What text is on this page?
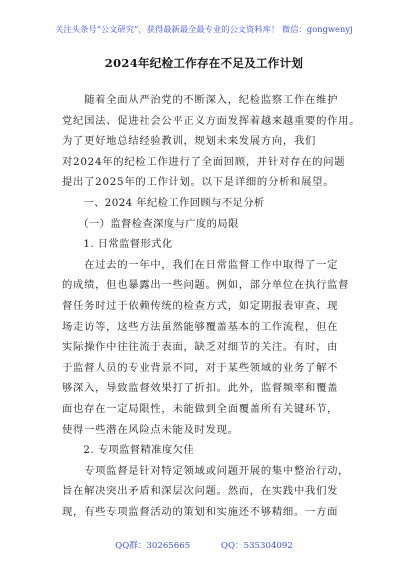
关注头条号“公文研究”，获得最新最全最专业的公文资料库！ 微信：gongwenyj
2024年纪检工作存在不足及工作计划
　　随着全面从严治党的不断深入，纪检监察工作在维护
党纪国法、促进社会公平正义方面发挥着越来越重要的作用。
为了更好地总结经验教训，规划未来发展方向，我们
对2024年的纪检工作进行了全面回顾，并针对存在的问题
提出了2025年的工作计划。以下是详细的分析和展望。
　　一、2024 年纪检工作回顾与不足分析
　　（一）监督检查深度与广度的局限
　　1. 日常监督形式化
　　在过去的一年中，我们在日常监督工作中取得了一定
的成绩，但也暴露出一些问题。例如，部分单位在执行监督
督任务时过于依赖传统的检查方式，如定期报表审查、现
场走访等，这些方法虽然能够覆盖基本的工作流程，但在
实际操作中往往流于表面，缺乏对细节的关注。有时，由
于监督人员的专业背景不同，对于某些领域的业务了解不
够深入，导致监督效果打了折扣。此外，监督频率和覆盖
面也存在一定局限性，未能做到全面覆盖所有关键环节，
使得一些潜在风险点未能及时发现。
　　2. 专项监督精准度欠佳
　　专项监督是针对特定领域或问题开展的集中整治行动，
旨在解决突出矛盾和深层次问题。然而，在实践中我们发
现，有些专项监督活动的策划和实施还不够精细。一方面
QQ群：30265665	QQ：535304092
